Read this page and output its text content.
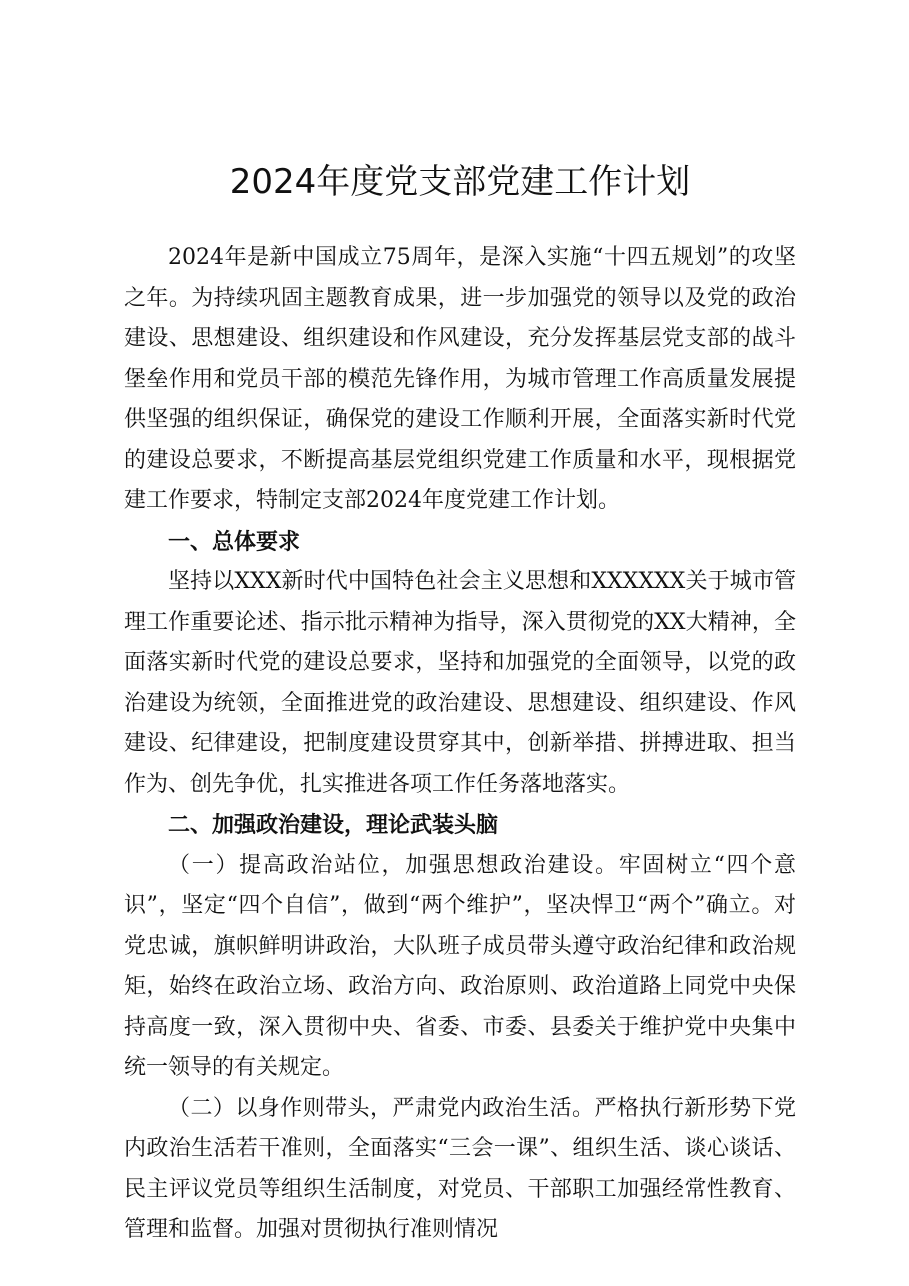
2024年度党支部党建工作计划

2024年是新中国成立75周年，是深入实施“十四五规划”的攻坚之年。为持续巩固主题教育成果，进一步加强党的领导以及党的政治建设、思想建设、组织建设和作风建设，充分发挥基层党支部的战斗堡垒作用和党员干部的模范先锋作用，为城市管理工作高质量发展提供坚强的组织保证，确保党的建设工作顺利开展，全面落实新时代党的建设总要求，不断提高基层党组织党建工作质量和水平，现根据党建工作要求，特制定支部2024年度党建工作计划。

一、总体要求

坚持以XXX新时代中国特色社会主义思想和XXXXXX关于城市管理工作重要论述、指示批示精神为指导，深入贯彻党的XX大精神，全面落实新时代党的建设总要求，坚持和加强党的全面领导，以党的政治建设为统领，全面推进党的政治建设、思想建设、组织建设、作风建设、纪律建设，把制度建设贯穿其中，创新举措、拼搏进取、担当作为、创先争优，扎实推进各项工作任务落地落实。

二、加强政治建设，理论武装头脑

（一）提高政治站位，加强思想政治建设。牢固树立“四个意识”，坚定“四个自信”，做到“两个维护”，坚决悍卫“两个”确立。对党忠诚，旗帜鲜明讲政治，大队班子成员带头遵守政治纪律和政治规矩，始终在政治立场、政治方向、政治原则、政治道路上同党中央保持高度一致，深入贯彻中央、省委、市委、县委关于维护党中央集中统一领导的有关规定。

（二）以身作则带头，严肃党内政治生活。严格执行新形势下党内政治生活若干准则，全面落实“三会一课”、组织生活、谈心谈话、民主评议党员等组织生活制度，对党员、干部职工加强经常性教育、管理和监督。加强对贯彻执行准则情况
